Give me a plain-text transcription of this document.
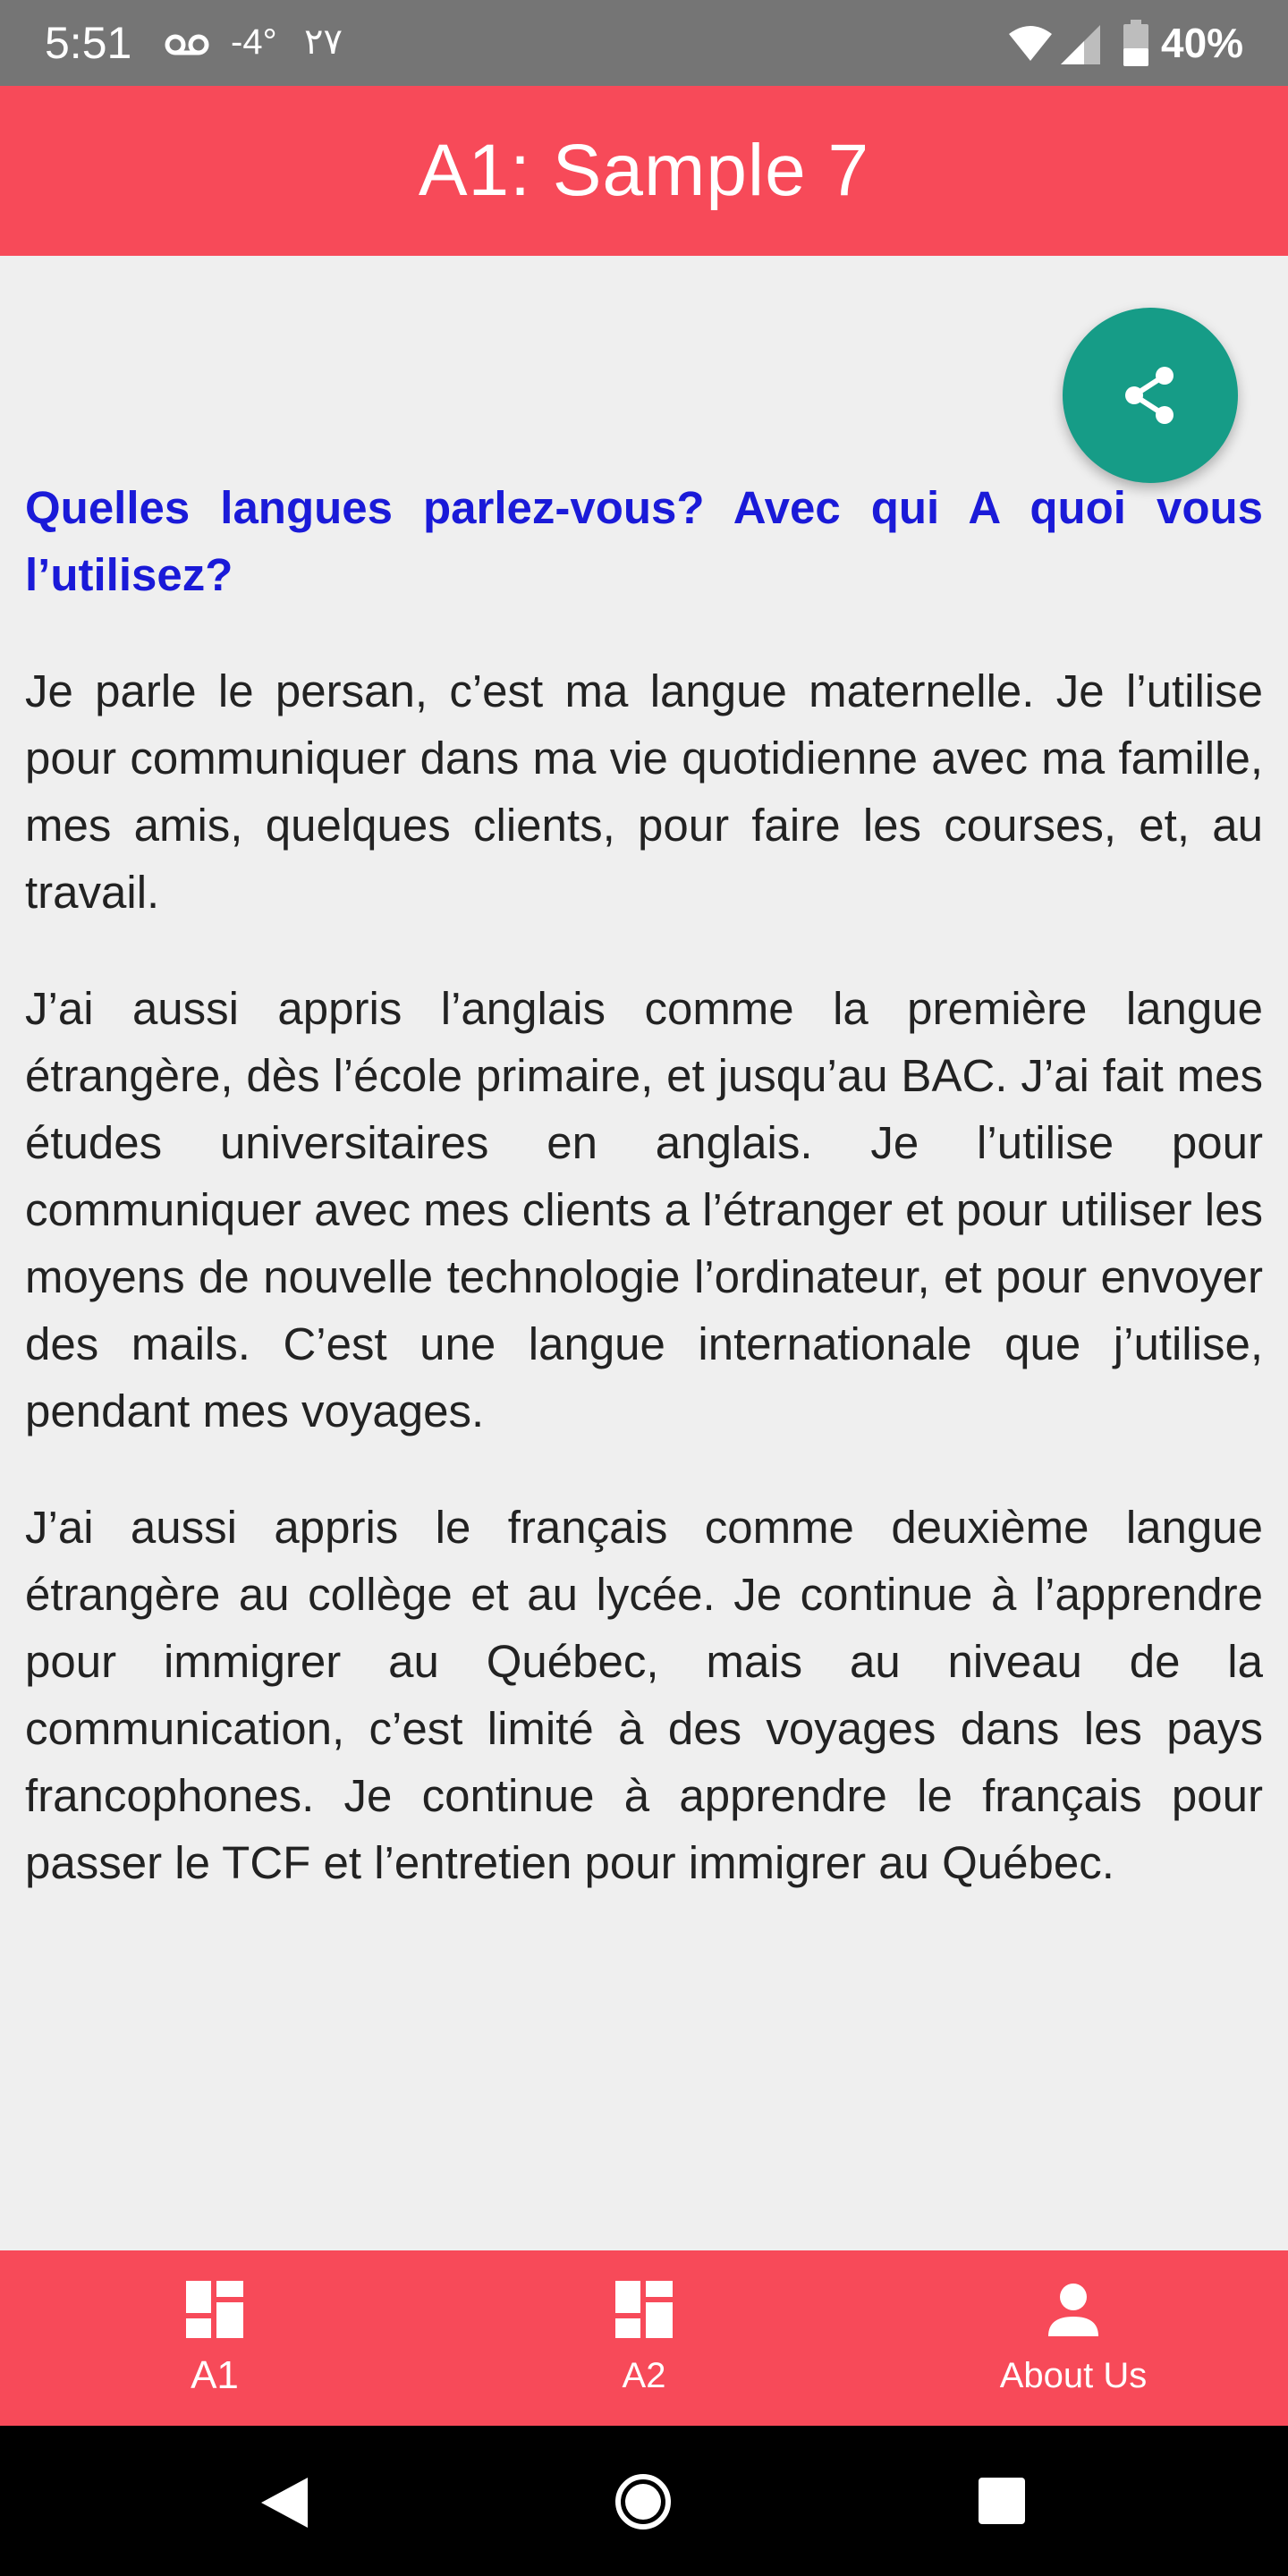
5:51	-4° ۲۷	40%
A1: Sample 7

Quelles langues parlez-vous? Avec qui A quoi vous l’utilisez?

Je parle le persan, c’est ma langue maternelle. Je l’utilise pour communiquer dans ma vie quotidienne avec ma famille, mes amis, quelques clients, pour faire les courses, et, au travail.

J’ai aussi appris l’anglais comme la première langue étrangère, dès l’école primaire, et jusqu’au BAC. J’ai fait mes études universitaires en anglais. Je l’utilise pour communiquer avec mes clients a l’étranger et pour utiliser les moyens de nouvelle technologie l’ordinateur, et pour envoyer des mails. C’est une langue internationale que j’utilise, pendant mes voyages.

J’ai aussi appris le français comme deuxième langue étrangère au collège et au lycée. Je continue à l’apprendre pour immigrer au Québec, mais au niveau de la communication, c’est limité à des voyages dans les pays francophones. Je continue à apprendre le français pour passer le TCF et l’entretien pour immigrer au Québec.

A1	A2	About Us
